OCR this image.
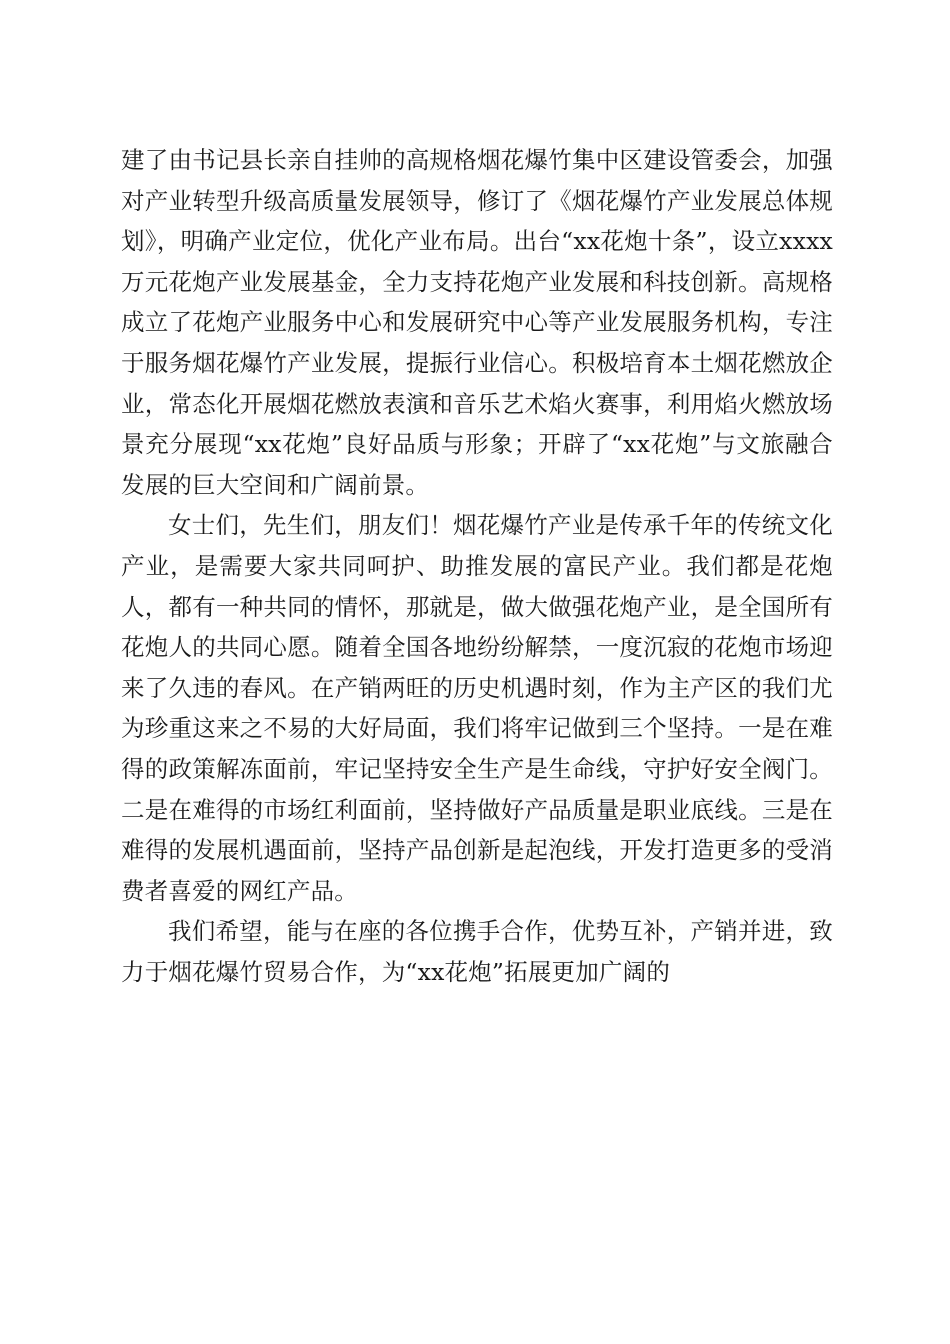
建了由书记县长亲自挂帅的高规格烟花爆竹集中区建设管委会，加强对产业转型升级高质量发展领导，修订了《烟花爆竹产业发展总体规划》，明确产业定位，优化产业布局。出台“xx花炮十条”，设立xxxx万元花炮产业发展基金，全力支持花炮产业发展和科技创新。高规格成立了花炮产业服务中心和发展研究中心等产业发展服务机构，专注于服务烟花爆竹产业发展，提振行业信心。积极培育本土烟花燃放企业，常态化开展烟花燃放表演和音乐艺术焰火赛事，利用焰火燃放场景充分展现“xx花炮”良好品质与形象；开辟了“xx花炮”与文旅融合发展的巨大空间和广阔前景。

女士们，先生们，朋友们！烟花爆竹产业是传承千年的传统文化产业，是需要大家共同呵护、助推发展的富民产业。我们都是花炮人，都有一种共同的情怀，那就是，做大做强花炮产业，是全国所有花炮人的共同心愿。随着全国各地纷纷解禁，一度沉寂的花炮市场迎来了久违的春风。在产销两旺的历史机遇时刻，作为主产区的我们尤为珍重这来之不易的大好局面，我们将牢记做到三个坚持。一是在难得的政策解冻面前，牢记坚持安全生产是生命线，守护好安全阀门。二是在难得的市场红利面前，坚持做好产品质量是职业底线。三是在难得的发展机遇面前，坚持产品创新是起泡线，开发打造更多的受消费者喜爱的网红产品。

我们希望，能与在座的各位携手合作，优势互补，产销并进，致力于烟花爆竹贸易合作，为“xx花炮”拓展更加广阔的
